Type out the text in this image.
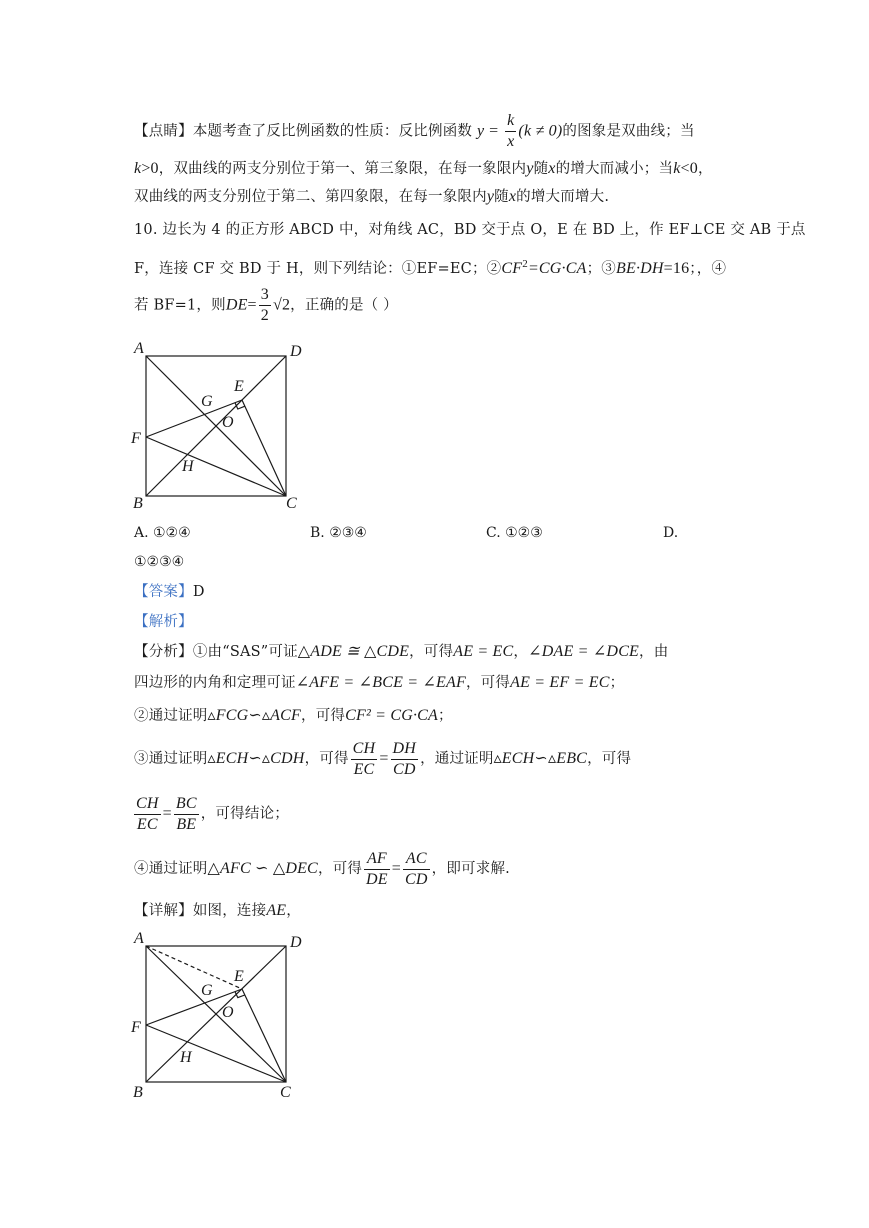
【点睛】本题考查了反比例函数的性质：反比例函数 $y = \frac{k}{x} (k \ne 0)$的图象是双曲线；当
k>0，双曲线的两支分别位于第一、第三象限，在每一象限内y随x的增大而减小；当k<0，
双曲线的两支分别位于第二、第四象限，在每一象限内y随x的增大而增大.
10. 边长为 4 的正方形 ABCD 中，对角线 AC，BD 交于点 O，E 在 BD 上，作 EF⊥CE 交 AB 于点
F，连接 CF 交 BD 于 H，则下列结论：①EF=EC；$②CF^2=CG\cdot CA$；③BE·DH=16；，④
若 BF=1，则$DE= \frac{3}{2} √2$，正确的是（ ）
A	D
B	C
E
G
O
F
H
A. ①②④	B. ②③④	C. ①②③	D.
①②③④
【答案】D
【解析】
【分析】①由“SAS”可证△ADE ≅ △CDE，可得AE = EC，∠DAE = ∠DCE，由
四边形的内角和定理可证∠AFE = ∠BCE = ∠EAF，可得AE = EF = EC；
②通过证明▵FCG∽▵ACF，可得CF² = CG·CA；
③通过证明▵ECH∽▵CDH，可得 $\frac{CH}{EC} = \frac{DH}{CD}$ ，通过证明▵ECH∽▵EBC，可得
$\frac{CH}{EC} = \frac{BC}{BE}$ ，可得结论；
④通过证明△AFC ∽ △DEC，可得 $\frac{AF}{DE} = \frac{AC}{CD}$ ，即可求解.
【详解】如图，连接AE，
A	D
B	C
E
G
O
F
H
